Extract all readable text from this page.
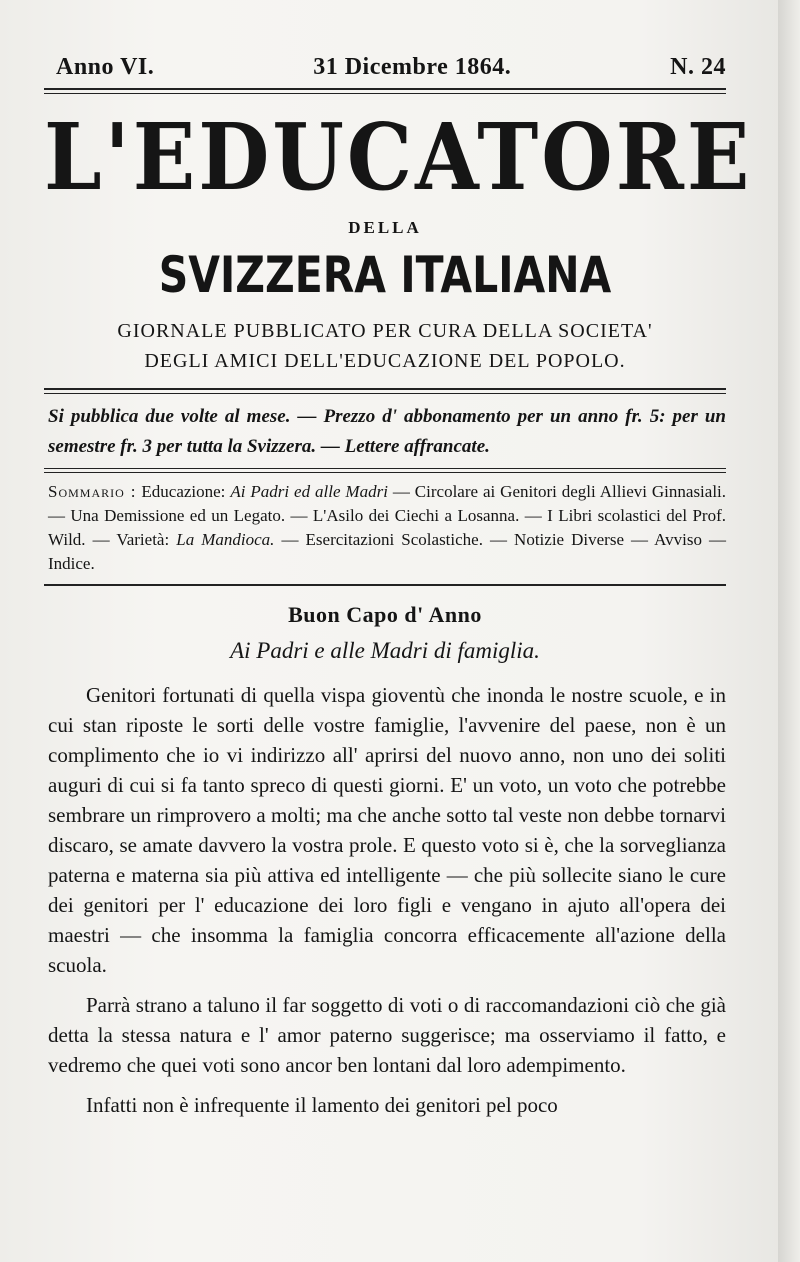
Anno VI.	31 Dicembre 1864.	N. 24
L'EDUCATORE
DELLA
SVIZZERA ITALIANA
GIORNALE PUBBLICATO PER CURA DELLA SOCIETA'
DEGLI AMICI DELL'EDUCAZIONE DEL POPOLO.
Si pubblica due volte al mese. — Prezzo d' abbonamento per un anno fr. 5: per un semestre fr. 3 per tutta la Svizzera. — Lettere affrancate.
Sommario : Educazione: Ai Padri ed alle Madri — Circolare ai Genitori degli Allievi Ginnasiali. — Una Demissione ed un Legato. — L'Asilo dei Ciechi a Losanna. — I Libri scolastici del Prof. Wild. — Varietà: La Mandioca. — Esercitazioni Scolastiche. — Notizie Diverse — Avviso — Indice.
Buon Capo d' Anno
Ai Padri e alle Madri di famiglia.

Genitori fortunati di quella vispa gioventù che inonda le nostre scuole, e in cui stan riposte le sorti delle vostre famiglie, l'avvenire del paese, non è un complimento che io vi indirizzo all' aprirsi del nuovo anno, non uno dei soliti auguri di cui si fa tanto spreco di questi giorni. E' un voto, un voto che potrebbe sembrare un rimprovero a molti; ma che anche sotto tal veste non debbe tornarvi discaro, se amate davvero la vostra prole. E questo voto si è, che la sorveglianza paterna e materna sia più attiva ed intelligente — che più sollecite siano le cure dei genitori per l' educazione dei loro figli e vengano in ajuto all'opera dei maestri — che insomma la famiglia concorra efficacemente all'azione della scuola.

Parrà strano a taluno il far soggetto di voti o di raccomandazioni ciò che già detta la stessa natura e l' amor paterno suggerisce; ma osserviamo il fatto, e vedremo che quei voti sono ancor ben lontani dal loro adempimento.

Infatti non è infrequente il lamento dei genitori pel poco
